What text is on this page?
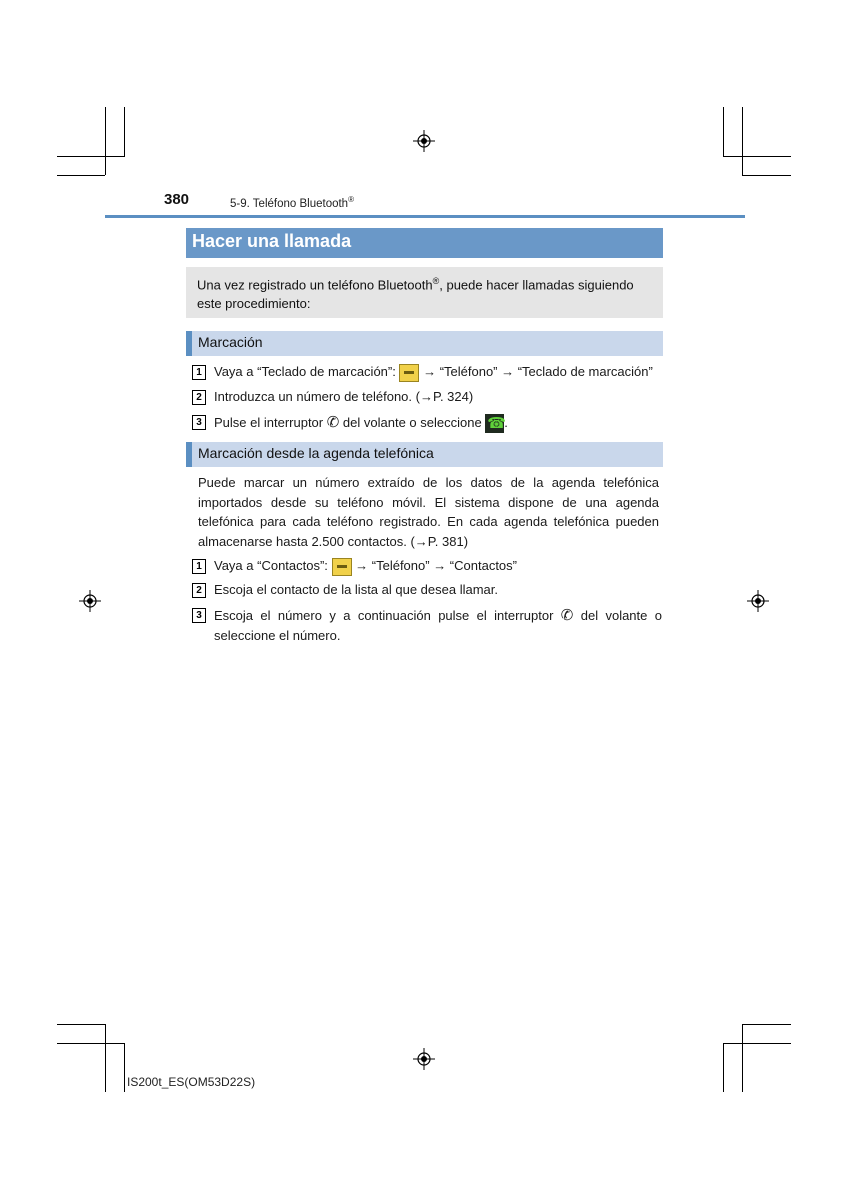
380	5-9. Teléfono Bluetooth®
Hacer una llamada
Una vez registrado un teléfono Bluetooth®, puede hacer llamadas siguiendo este procedimiento:
Marcación
1 Vaya a “Teclado de marcación”:  → “Teléfono” → “Teclado de marcación”
2 Introduzca un número de teléfono. (→P. 324)
3 Pulse el interruptor ✆ del volante o seleccione ☎.
Marcación desde la agenda telefónica
Puede marcar un número extraído de los datos de la agenda telefónica importados desde su teléfono móvil. El sistema dispone de una agenda telefónica para cada teléfono registrado. En cada agenda telefónica pueden almacenarse hasta 2.500 contactos. (→P. 381)
1 Vaya a “Contactos”:  → “Teléfono” → “Contactos”
2 Escoja el contacto de la lista al que desea llamar.
3 Escoja el número y a continuación pulse el interruptor ✆ del volante o seleccione el número.
IS200t_ES(OM53D22S)
